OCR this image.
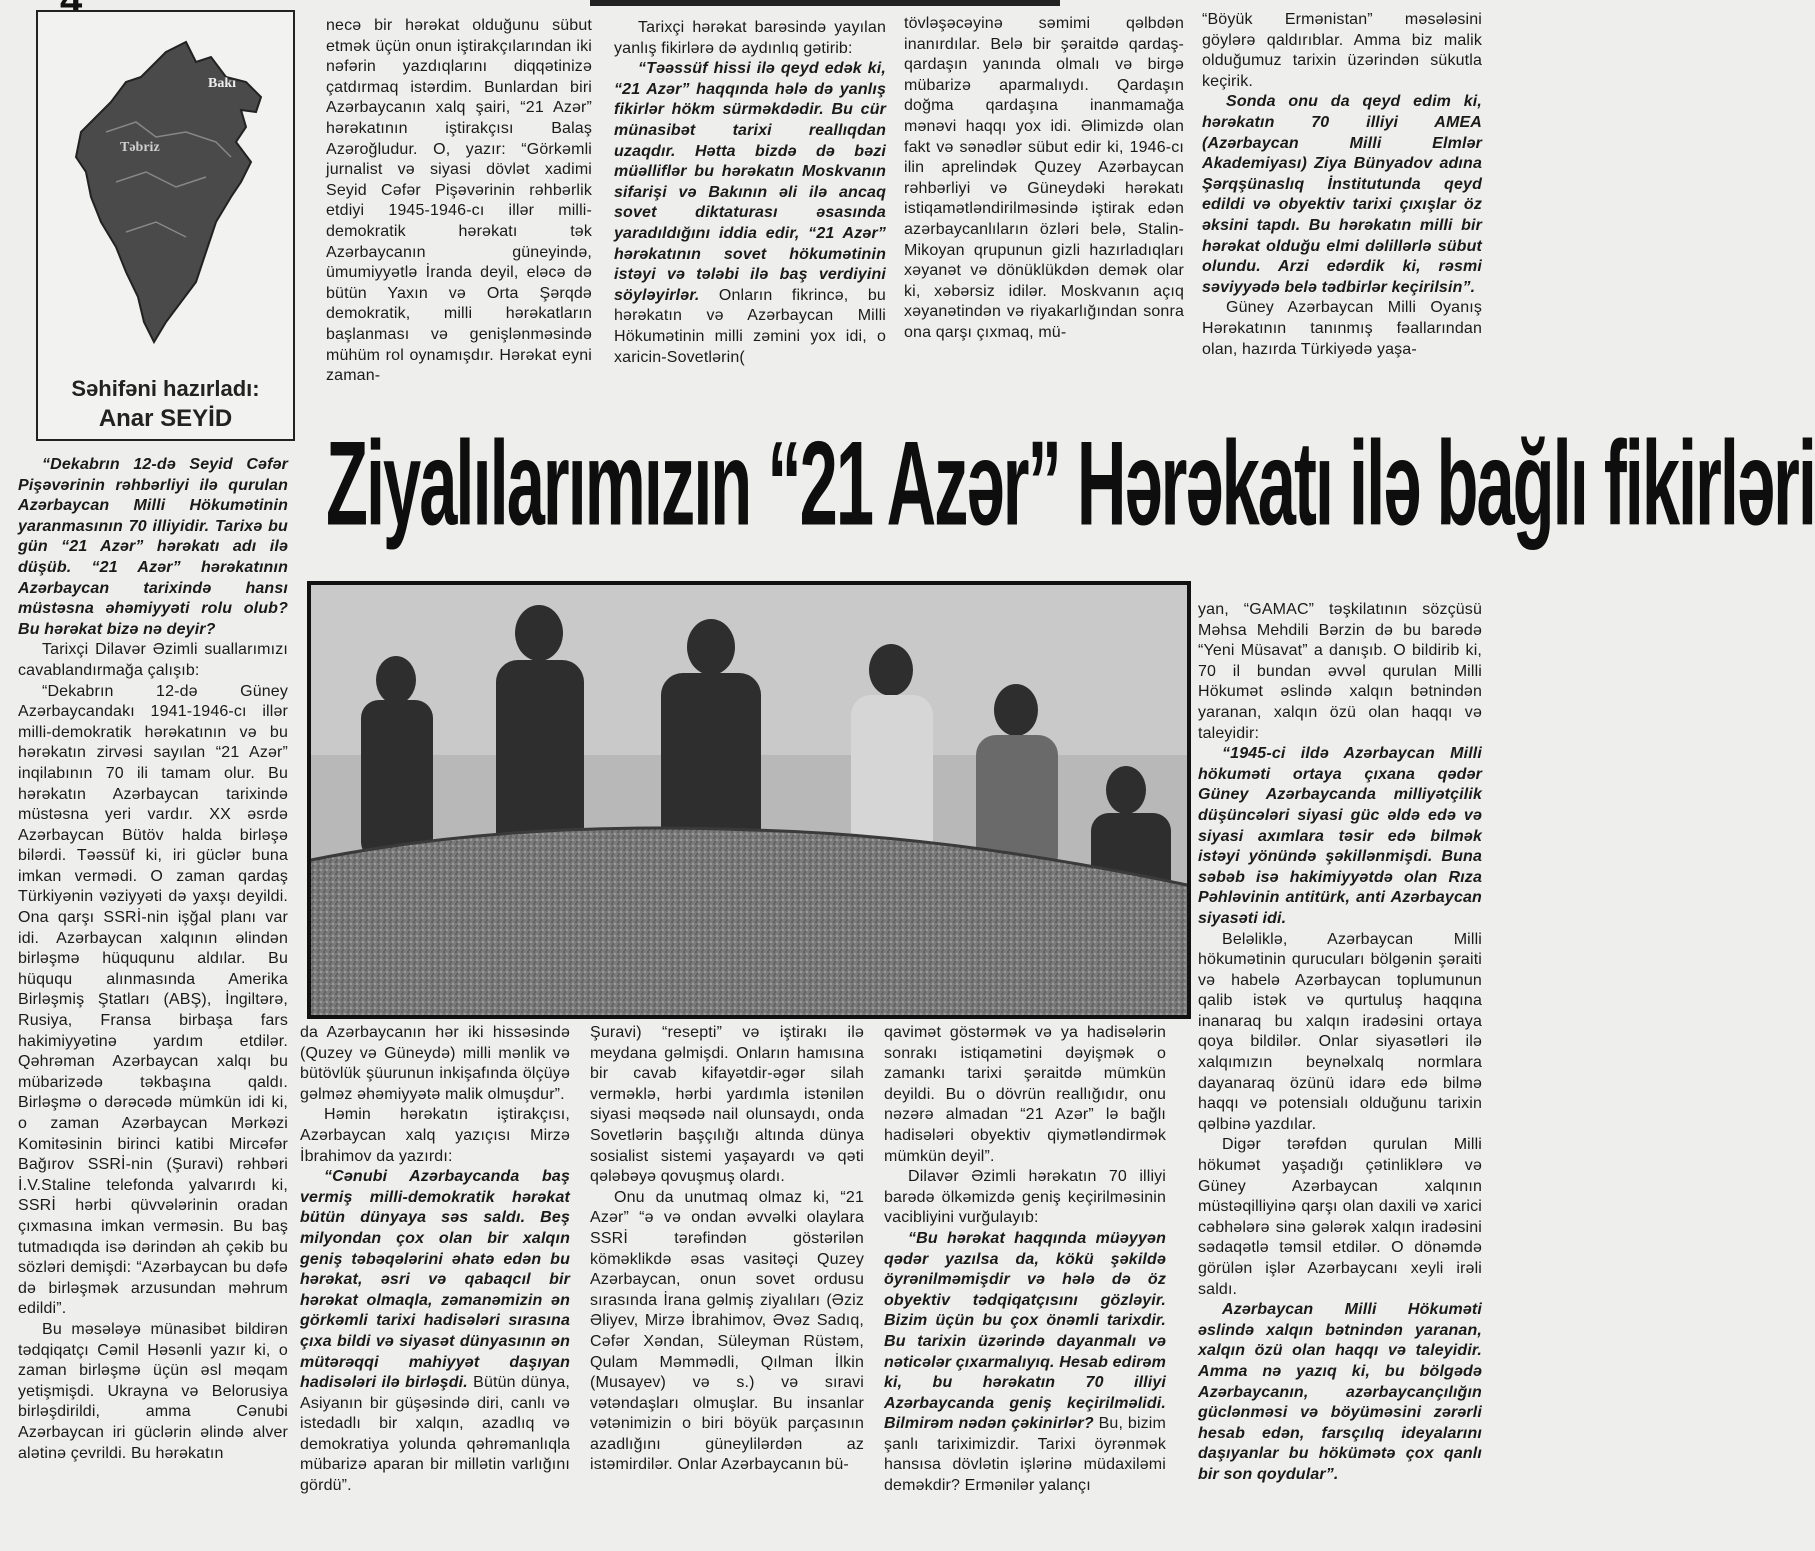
Bakı
Təbriz
Səhifəni hazırladı:
Anar SEYİD

necə bir hərəkat olduğunu sübut etmək üçün onun iştirakçılarından iki nəfərin yazdıqlarını diqqətinizə çatdırmaq istərdim. Bunlardan biri Azərbaycanın xalq şairi, “21 Azər” hərəkatının iştirakçısı Balaş Azəroğludur. O, yazır: “Görkəmli jurnalist və siyasi dövlət xadimi Seyid Cəfər Pişəvərinin rəhbərlik etdiyi 1945-1946-cı illər milli-demokratik hərəkatı tək Azərbaycanın güneyində, ümumiyyətlə İranda deyil, eləcə də bütün Yaxın və Orta Şərqdə demokratik, milli hərəkatların başlanması və genişlənməsində mühüm rol oynamışdır. Hərəkat eyni zaman-

Tarixçi hərəkat barəsində yayılan yanlış fikirlərə də aydınlıq gətirib:

“Təəssüf hissi ilə qeyd edək ki, “21 Azər” haqqında hələ də yanlış fikirlər hökm sürməkdədir. Bu cür münasibət tarixi reallıqdan uzaqdır. Hətta bizdə də bəzi müəlliflər bu hərəkatın Moskvanın sifarişi və Bakının əli ilə ancaq sovet diktaturası əsasında yaradıldığını iddia edir, “21 Azər” hərəkatının sovet hökumətinin istəyi və tələbi ilə baş verdiyini söyləyirlər. Onların fikrincə, bu hərəkatın və Azərbaycan Milli Hökumətinin milli zəmini yox idi, o xaricin-Sovetlərin(

tövləşəcəyinə səmimi qəlbdən inanırdılar. Belə bir şəraitdə qardaş-qardaşın yanında olmalı və birgə mübarizə aparmalıydı. Qardaşın doğma qardaşına inanmamağa mənəvi haqqı yox idi. Əlimizdə olan fakt və sənədlər sübut edir ki, 1946-cı ilin aprelindək Quzey Azərbaycan rəhbərliyi və Güneydəki hərəkatı istiqamətləndirilməsində iştirak edən azərbaycanlıların özləri belə, Stalin-Mikoyan qrupunun gizli hazırladıqları xəyanət və dönüklükdən demək olar ki, xəbərsiz idilər. Moskvanın açıq xəyanətindən və riyakarlığından sonra ona qarşı çıxmaq, mü-

“Böyük Ermənistan” məsələsini göylərə qaldırıblar. Amma biz malik olduğumuz tarixin üzərindən sükutla keçirik.

Sonda onu da qeyd edim ki, hərəkatın 70 illiyi AMEA (Azərbaycan Milli Elmlər Akademiyası) Ziya Bünyadov adına Şərqşünaslıq İnstitutunda qeyd edildi və obyektiv tarixi çıxışlar öz əksini tapdı. Bu hərəkatın milli bir hərəkat olduğu elmi dəlillərlə sübut olundu. Arzi edərdik ki, rəsmi səviyyədə belə tədbirlər keçirilsin”.

Güney Azərbaycan Milli Oyanış Hərəkatının tanınmış fəallarından olan, hazırda Türkiyədə yaşa-

Ziyalılarımızın “21 Azər” Hərəkatı ilə bağlı fikirləri

“Dekabrın 12-də Seyid Cəfər Pişəvərinin rəhbərliyi ilə qurulan Azərbaycan Milli Hökumətinin yaranmasının 70 illiyidir. Tarixə bu gün “21 Azər” hərəkatı adı ilə düşüb. “21 Azər” hərəkatının Azərbaycan tarixində hansı müstəsna əhəmiyyəti rolu olub? Bu hərəkat bizə nə deyir?

Tarixçi Dilavər Əzimli suallarımızı cavablandırmağa çalışıb:

“Dekabrın 12-də Güney Azərbaycandakı 1941-1946-cı illər milli-demokratik hərəkatının və bu hərəkatın zirvəsi sayılan “21 Azər” inqilabının 70 ili tamam olur. Bu hərəkatın Azərbaycan tarixində müstəsna yeri vardır. XX əsrdə Azərbaycan Bütöv halda birləşə bilərdi. Təəssüf ki, iri güclər buna imkan vermədi. O zaman qardaş Türkiyənin vəziyyəti də yaxşı deyildi. Ona qarşı SSRİ-nin işğal planı var idi. Azərbaycan xalqının əlindən birləşmə hüququnu aldılar. Bu hüququ alınmasında Amerika Birləşmiş Ştatları (ABŞ), İngiltərə, Rusiya, Fransa birbaşa fars hakimiyyətinə yardım etdilər. Qəhrəman Azərbaycan xalqı bu mübarizədə təkbaşına qaldı. Birləşmə o dərəcədə mümkün idi ki, o zaman Azərbaycan Mərkəzi Komitəsinin birinci katibi Mircəfər Bağırov SSRİ-nin (Şuravi) rəhbəri İ.V.Staline telefonda yalvarırdı ki, SSRİ hərbi qüvvələrinin oradan çıxmasına imkan verməsin. Bu baş tutmadıqda isə dərindən ah çəkib bu sözləri demişdi: “Azərbaycan bu dəfə də birləşmək arzusundan məhrum edildi”.

Bu məsələyə münasibət bildirən tədqiqatçı Cəmil Həsənli yazır ki, o zaman birləşmə üçün əsl məqam yetişmişdi. Ukrayna və Belorusiya birləşdirildi, amma Cənubi Azərbaycan iri güclərin əlində alver alətinə çevrildi. Bu hərəkatın

da Azərbaycanın hər iki hissəsində (Quzey və Güneydə) milli mənlik və bütövlük şüurunun inkişafında ölçüyə gəlməz əhəmiyyətə malik olmuşdur”.

Həmin hərəkatın iştirakçısı, Azərbaycan xalq yazıçısı Mirzə İbrahimov da yazırdı:

“Cənubi Azərbaycanda baş vermiş milli-demokratik hərəkat bütün dünyaya səs saldı. Beş milyondan çox olan bir xalqın geniş təbəqələrini əhatə edən bu hərəkat, əsri və qabaqcıl bir hərəkat olmaqla, zəmanəmizin ən görkəmli tarixi hadisələri sırasına çıxa bildi və siyasət dünyasının ən mütərəqqi mahiyyət daşıyan hadisələri ilə birləşdi. Bütün dünya, Asiyanın bir güşəsində diri, canlı və istedadlı bir xalqın, azadlıq və demokratiya yolunda qəhrəmanlıqla mübarizə aparan bir millətin varlığını gördü”.

Şuravi) “resepti” və iştirakı ilə meydana gəlmişdi. Onların hamısına bir cavab kifayətdir-əgər silah verməklə, hərbi yardımla istənilən siyasi məqsədə nail olunsaydı, onda Sovetlərin başçılığı altında dünya sosialist sistemi yaşayardı və qəti qələbəyə qovuşmuş olardı.

Onu da unutmaq olmaz ki, “21 Azər” “ə və ondan əvvəlki olaylara SSRİ tərəfindən göstərilən köməklikdə əsas vasitəçi Quzey Azərbaycan, onun sovet ordusu sırasında İrana gəlmiş ziyalıları (Əziz Əliyev, Mirzə İbrahimov, Əvəz Sadıq, Cəfər Xəndan, Süleyman Rüstəm, Qulam Məmmədli, Qılman İlkin (Musayev) və s.) və sıravi vətəndaşları olmuşlar. Bu insanlar vətənimizin o biri böyük parçasının azadlığını güneylilərdən az istəmirdilər. Onlar Azərbaycanın bü-

qavimət göstərmək və ya hadisələrin sonrakı istiqamətini dəyişmək o zamankı tarixi şəraitdə mümkün deyildi. Bu o dövrün reallığıdır, onu nəzərə almadan “21 Azər” lə bağlı hadisələri obyektiv qiymətləndirmək mümkün deyil”.

Dilavər Əzimli hərəkatın 70 illiyi barədə ölkəmizdə geniş keçirilməsinin vacibliyini vurğulayıb:

“Bu hərəkat haqqında müəyyən qədər yazılsa da, kökü şəkildə öyrənilməmişdir və hələ də öz obyektiv tədqiqatçısını gözləyir. Bizim üçün bu çox önəmli tarixdir. Bu tarixin üzərində dayanmalı və nəticələr çıxarmalıyıq. Hesab edirəm ki, bu hərəkatın 70 illiyi Azərbaycanda geniş keçirilməlidi. Bilmirəm nədən çəkinirlər? Bu, bizim şanlı tariximizdir. Tarixi öyrənmək hansısa dövlətin işlərinə müdaxiləmi deməkdir? Ermənilər yalançı

yan, “GAMAC” təşkilatının sözçüsü Məhsa Mehdili Bərzin də bu barədə “Yeni Müsavat” a danışıb. O bildirib ki, 70 il bundan əvvəl qurulan Milli Hökumət əslində xalqın bətnindən yaranan, xalqın özü olan haqqı və taleyidir:

“1945-ci ildə Azərbaycan Milli hökuməti ortaya çıxana qədər Güney Azərbaycanda milliyətçilik düşüncələri siyasi güc əldə edə və siyasi axımlara təsir edə bilmək istəyi yönündə şəkillənmişdi. Buna səbəb isə hakimiyyətdə olan Rıza Pəhləvinin antitürk, anti Azərbaycan siyasəti idi.

Beləliklə, Azərbaycan Milli hökumətinin qurucuları bölgənin şəraiti və habelə Azərbaycan toplumunun qalib istək və qurtuluş haqqına inanaraq bu xalqın iradəsini ortaya qoya bildilər. Onlar siyasətləri ilə xalqımızın beynəlxalq normlara dayanaraq özünü idarə edə bilmə haqqı və potensialı olduğunu tarixin qəlbinə yazdılar.

Digər tərəfdən qurulan Milli hökumət yaşadığı çətinliklərə və Güney Azərbaycan xalqının müstəqilliyinə qarşı olan daxili və xarici cəbhələrə sinə gələrək xalqın iradəsini sədaqətlə təmsil etdilər. O dönəmdə görülən işlər Azərbaycanı xeyli irəli saldı.

Azərbaycan Milli Hökuməti əslində xalqın bətnindən yaranan, xalqın özü olan haqqı və taleyidir. Amma nə yazıq ki, bu bölgədə Azərbaycanın, azərbaycançılığın güclənməsi və böyüməsini zərərli hesab edən, farsçılıq ideyalarını daşıyanlar bu hökümətə çox qanlı bir son qoydular”.
